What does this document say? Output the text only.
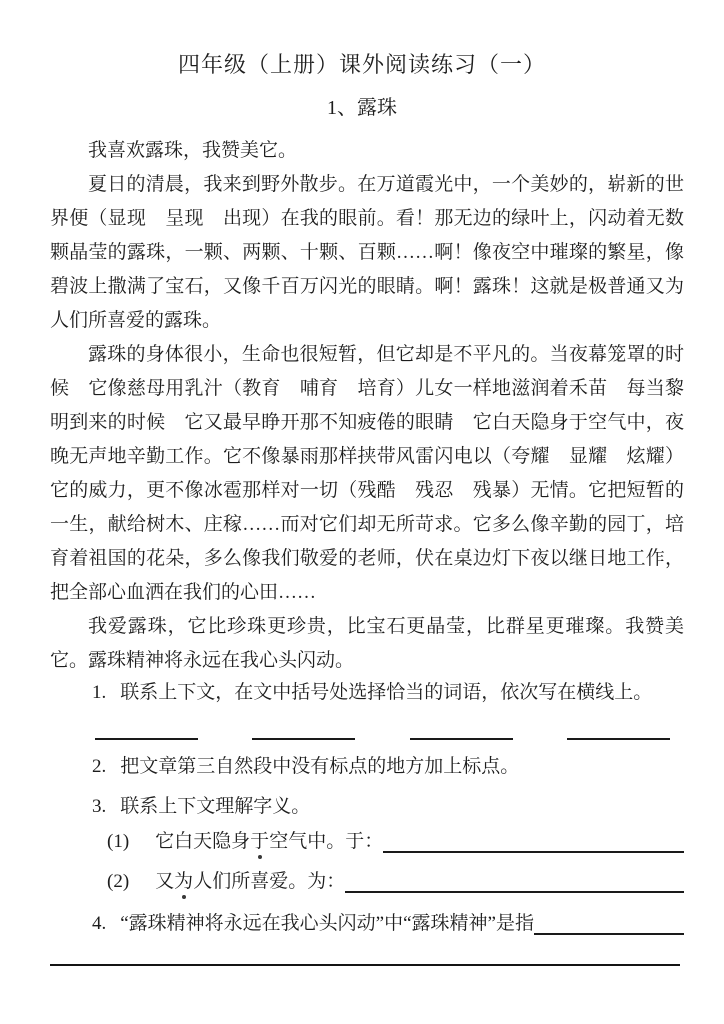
四年级（上册）课外阅读练习（一）
1、露珠

我喜欢露珠，我赞美它。

夏日的清晨，我来到野外散步。在万道霞光中，一个美妙的，崭新的世界便（显现　呈现　出现）在我的眼前。看！那无边的绿叶上，闪动着无数颗晶莹的露珠，一颗、两颗、十颗、百颗……啊！像夜空中璀璨的繁星，像碧波上撒满了宝石，又像千百万闪光的眼睛。啊！露珠！这就是极普通又为人们所喜爱的露珠。

露珠的身体很小，生命也很短暂，但它却是不平凡的。当夜幕笼罩的时候　它像慈母用乳汁（教育　哺育　培育）儿女一样地滋润着禾苗　每当黎明到来的时候　它又最早睁开那不知疲倦的眼睛　它白天隐身于空气中，夜晚无声地辛勤工作。它不像暴雨那样挟带风雷闪电以（夸耀　显耀　炫耀）它的威力，更不像冰雹那样对一切（残酷　残忍　残暴）无情。它把短暂的一生，献给树木、庄稼……而对它们却无所苛求。它多么像辛勤的园丁，培育着祖国的花朵，多么像我们敬爱的老师，伏在桌边灯下夜以继日地工作，把全部心血洒在我们的心田……

我爱露珠，它比珍珠更珍贵，比宝石更晶莹，比群星更璀璨。我赞美它。露珠精神将永远在我心头闪动。

1. 联系上下文，在文中括号处选择恰当的词语，依次写在横线上。
2. 把文章第三自然段中没有标点的地方加上标点。
3. 联系上下文理解字义。
(1) 它白天隐身于空气中。于：
(2) 又为人们所喜爱。为：
4. “露珠精神将永远在我心头闪动”中“露珠精神”是指
